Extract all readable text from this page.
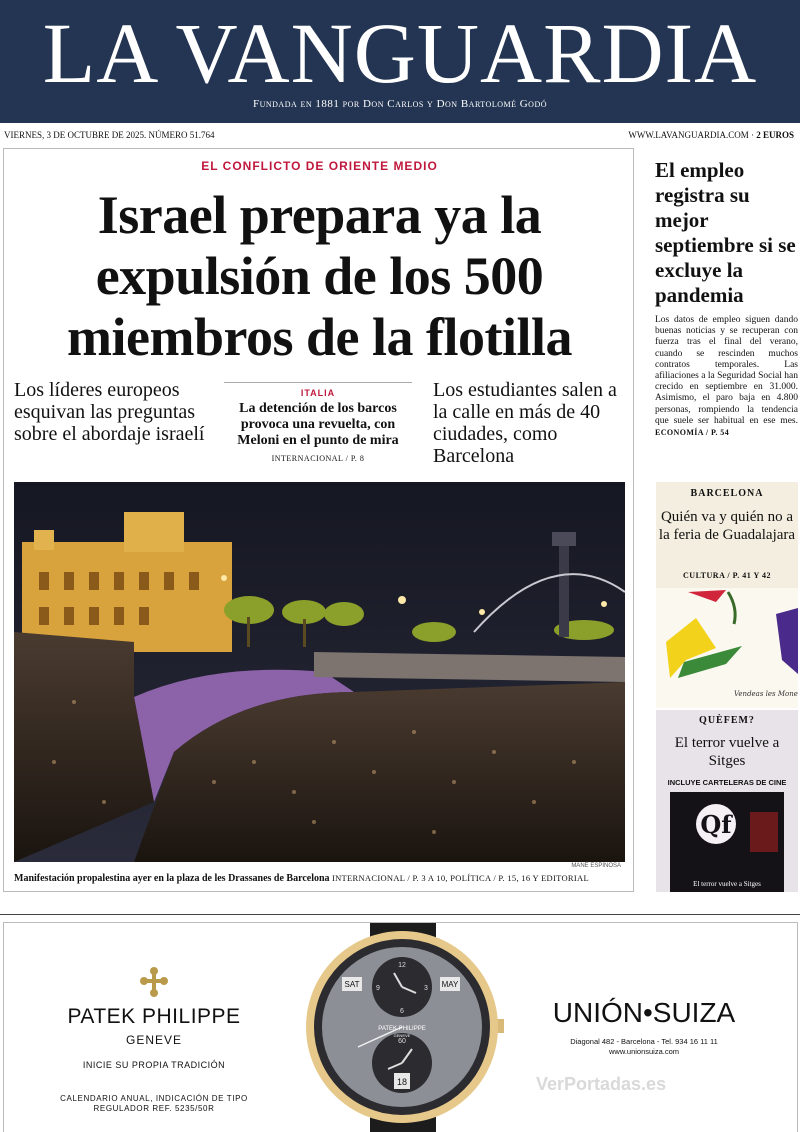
LA VANGUARDIA
Fundada en 1881 por Don Carlos y Don Bartolomé Godó
VIERNES, 3 DE OCTUBRE DE 2025. NÚMERO 51.764	WWW.LAVANGUARDIA.COM · 2 EUROS
EL CONFLICTO DE ORIENTE MEDIO
Israel prepara ya la
expulsión de los 500
miembros de la flotilla
Los líderes europeos esquivan las preguntas sobre el abordaje israelí
ITALIA
La detención de los barcos provoca una revuelta, con Meloni en el punto de mira
INTERNACIONAL / P. 8
Los estudiantes salen a la calle en más de 40 ciudades, como Barcelona
MANÉ ESPINOSA
Manifestación propalestina ayer en la plaza de les Drassanes de Barcelona INTERNACIONAL / P. 3 A 10, POLÍTICA / P. 15, 16 Y EDITORIAL
El empleo registra su mejor septiembre si se excluye la pandemia
Los datos de empleo siguen dando buenas noticias y se recuperan con fuerza tras el final del verano, cuando se rescinden muchos contratos temporales. Las afiliaciones a la Seguridad Social han crecido en septiembre en 31.000. Asimismo, el paro baja en 4.800 personas, rompiendo la tendencia que suele ser habitual en ese mes. ECONOMÍA / P. 54
BARCELONA
Quién va y quién no a la feria de Guadalajara
CULTURA / P. 41 Y 42
Vendeas les Mone
QUÈFEM?
El terror vuelve a Sitges
INCLUYE CARTELERAS DE CINE
Qf
El terror vuelve a Sitges
PATEK PHILIPPE
GENEVE
INICIE SU PROPIA TRADICIÓN
CALENDARIO ANUAL, INDICACIÓN DE TIPO
REGULADOR REF. 5235/50R
SAT	MAY
18
12
6
9	3
60
PATEK PHILIPPE
GENEVE
UNIÓN•SUIZA
Diagonal 482 - Barcelona - Tel. 934 16 11 11
www.unionsuiza.com
VerPortadas.es
